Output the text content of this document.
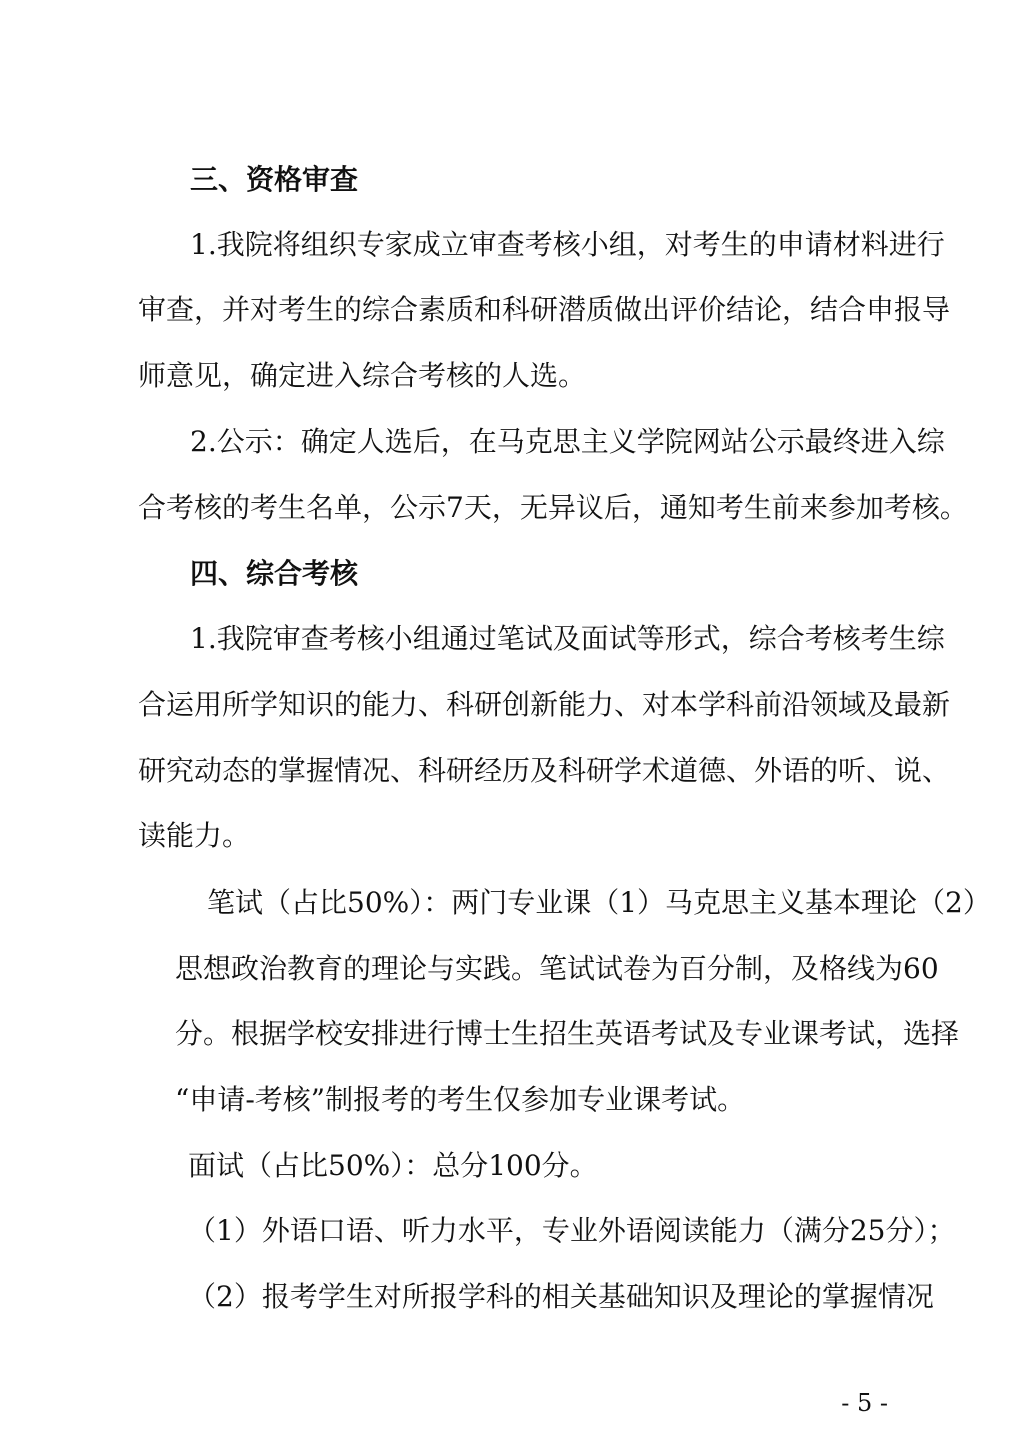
三、资格审查
1.我院将组织专家成立审查考核小组，对考生的申请材料进行
审查，并对考生的综合素质和科研潜质做出评价结论，结合申报导
师意见，确定进入综合考核的人选。
2.公示：确定人选后，在马克思主义学院网站公示最终进入综
合考核的考生名单，公示7天，无异议后，通知考生前来参加考核。
四、综合考核
1.我院审查考核小组通过笔试及面试等形式，综合考核考生综
合运用所学知识的能力、科研创新能力、对本学科前沿领域及最新
研究动态的掌握情况、科研经历及科研学术道德、外语的听、说、
读能力。
笔试（占比50%）：两门专业课（1）马克思主义基本理论（2）
思想政治教育的理论与实践。笔试试卷为百分制，及格线为60
分。根据学校安排进行博士生招生英语考试及专业课考试，选择
“申请-考核”制报考的考生仅参加专业课考试。
面试（占比50%）：总分100分。
（1）外语口语、听力水平，专业外语阅读能力（满分25分）；
（2）报考学生对所报学科的相关基础知识及理论的掌握情况
- 5 -
